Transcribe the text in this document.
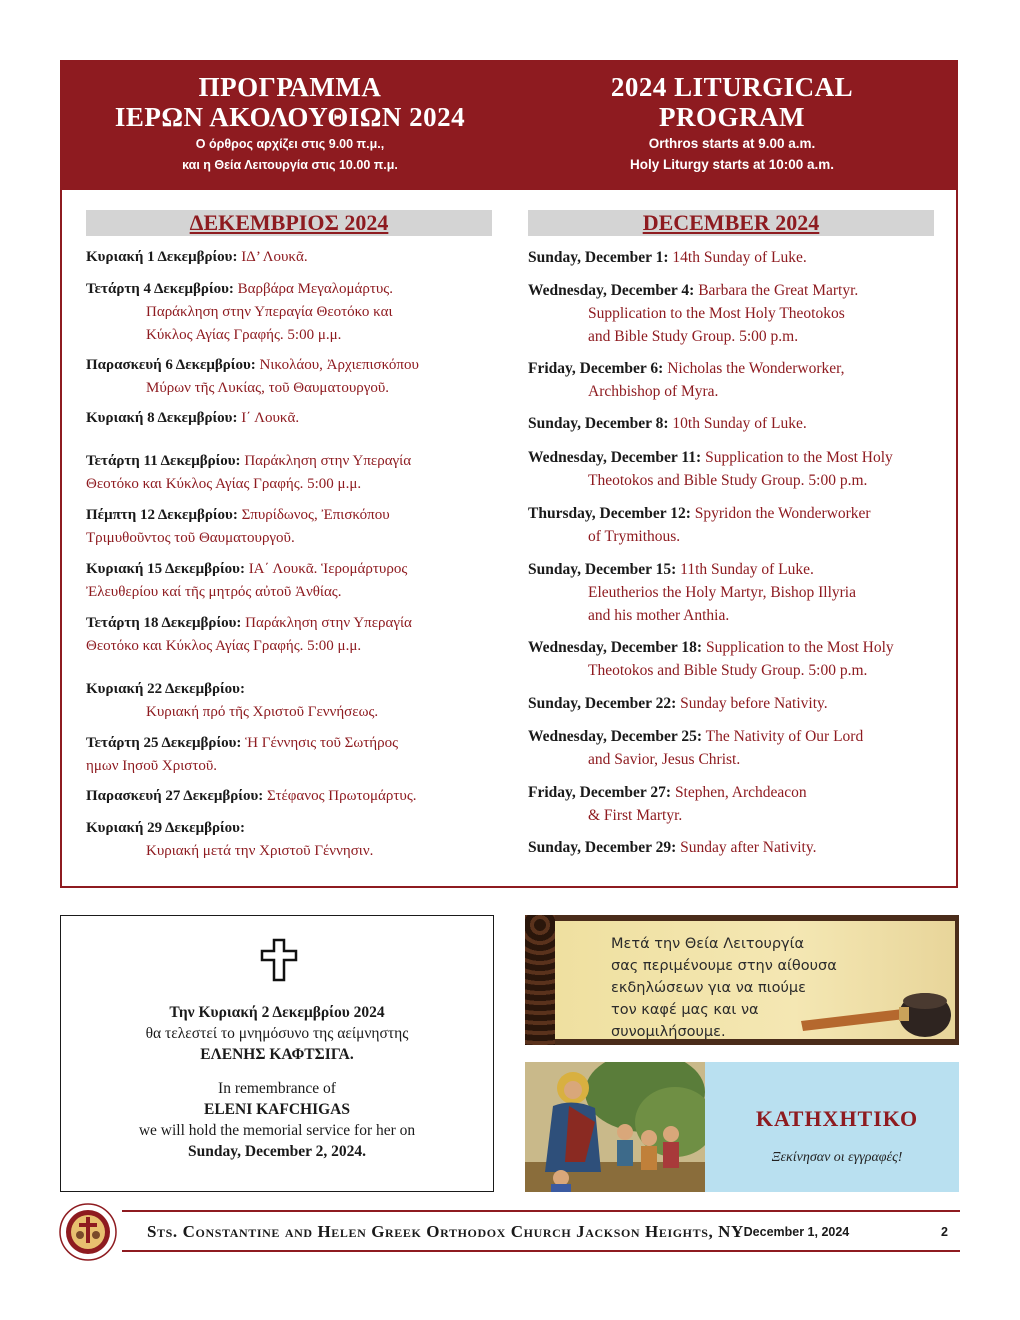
ΠΡΟΓΡΑΜΜΑ
ΙΕΡΩΝ ΑΚΟΛΟΥΘΙΩΝ 2024
Ο όρθρος αρχίζει στις 9.00 π.μ.,
και η Θεία Λειτουργία στις 10.00 π.μ.
2024 LITURGICAL
PROGRAM
Orthros starts at 9.00 a.m.
Holy Liturgy starts at 10:00 a.m.
ΔΕΚΕΜΒΡΙΟΣ 2024	DECEMBER 2024
Κυριακή 1 Δεκεμβρίου: ΙΔ’ Λουκᾶ.
Τετάρτη 4 Δεκεμβρίου: Βαρβάρα Μεγαλομάρτυς.
Παράκληση στην Υπεραγία Θεοτόκο και
Κύκλος Αγίας Γραφής. 5:00 μ.μ.
Παρασκευή 6 Δεκεμβρίου: Νικολάου, Ἀρχιεπισκόπου
Μύρων τῆς Λυκίας, τοῦ Θαυματουργοῦ.
Κυριακή 8 Δεκεμβρίου: Ι΄ Λουκᾶ.
Τετάρτη 11 Δεκεμβρίου: Παράκληση στην Υπεραγία
Θεοτόκο και Κύκλος Αγίας Γραφής. 5:00 μ.μ.
Πέμπτη 12 Δεκεμβρίου: Σπυρίδωνος, Ἐπισκόπου
Τριμυθοῦντος τοῦ Θαυματουργοῦ.
Κυριακή 15 Δεκεμβρίου: ΙΑ΄ Λουκᾶ. Ἱερομάρτυρος
Ἐλευθερίου καί τῆς μητρός αὐτοῦ Ἀνθίας.
Τετάρτη 18 Δεκεμβρίου: Παράκληση στην Υπεραγία
Θεοτόκο και Κύκλος Αγίας Γραφής. 5:00 μ.μ.
Κυριακή 22 Δεκεμβρίου:
Κυριακή πρό τῆς Χριστοῦ Γεννήσεως.
Τετάρτη 25 Δεκεμβρίου: Ἡ Γέννησις τοῦ Σωτήρος
ημων Ιησοῦ Χριστοῦ.
Παρασκευή 27 Δεκεμβρίου: Στέφανος Πρωτομάρτυς.
Κυριακή 29 Δεκεμβρίου:
Κυριακή μετά την Χριστοῦ Γέννησιν.
Sunday, December 1: 14th Sunday of Luke.
Wednesday, December 4: Barbara the Great Martyr.
Supplication to the Most Holy Theotokos
and Bible Study Group. 5:00 p.m.
Friday, December 6: Nicholas the Wonderworker,
Archbishop of Myra.
Sunday, December 8: 10th Sunday of Luke.
Wednesday, December 11: Supplication to the Most Holy
Theotokos and Bible Study Group. 5:00 p.m.
Thursday, December 12: Spyridon the Wonderworker
of Trymithous.
Sunday, December 15: 11th Sunday of Luke.
Eleutherios the Holy Martyr, Bishop Illyria
and his mother Anthia.
Wednesday, December 18: Supplication to the Most Holy
Theotokos and Bible Study Group. 5:00 p.m.
Sunday, December 22: Sunday before Nativity.
Wednesday, December 25: The Nativity of Our Lord
and Savior, Jesus Christ.
Friday, December 27: Stephen, Archdeacon
& First Martyr.
Sunday, December 29: Sunday after Nativity.

Την Κυριακή 2 Δεκεμβρίου 2024

θα τελεστεί το μνημόσυνο της αείμνηστης

ΕΛΕΝΗΣ ΚΑΦΤΣΙΓΑ.

In remembrance of

ELENI KAFCHIGAS

we will hold the memorial service for her on

Sunday, December 2, 2024.

Μετά την Θεία Λειτουργία
σας περιμένουμε στην αίθουσα
εκδηλώσεων για να πιούμε
τον καφέ μας και να
συνομιλήσουμε.
ΚΑΤΗΧΗΤΙΚΟ
Ξεκίνησαν οι εγγραφές!
Sts. Constantine and Helen Greek Orthodox Church Jackson Heights, NY
- December 1, 2024	2
